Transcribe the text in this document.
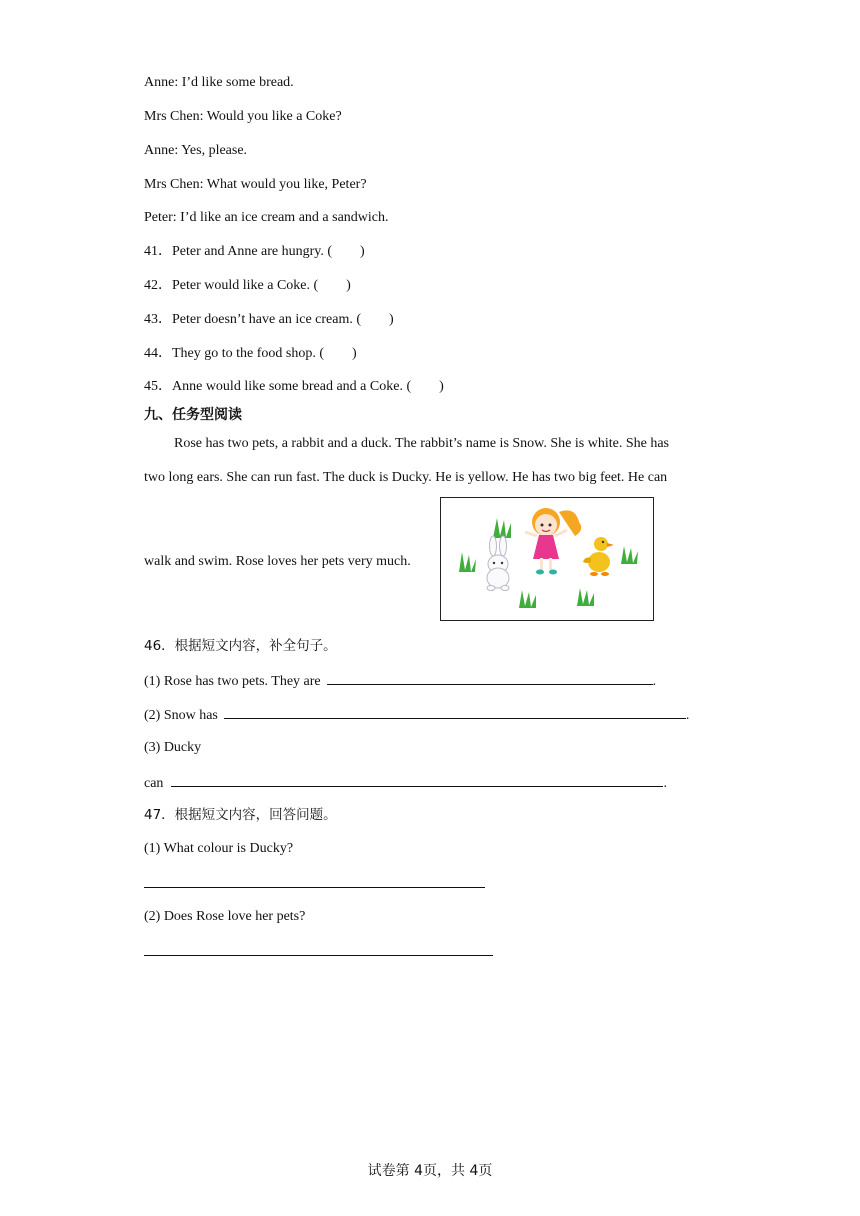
Anne: I’d like some bread.
Mrs Chen: Would you like a Coke?
Anne: Yes, please.
Mrs Chen: What would you like, Peter?
Peter: I’d like an ice cream and a sandwich.
41．Peter and Anne are hungry. (　　)
42．Peter would like a Coke. (　　)
43．Peter doesn’t have an ice cream. (　　)
44．They go to the food shop. (　　)
45．Anne would like some bread and a Coke. (　　)
九、任务型阅读
Rose has two pets, a rabbit and a duck. The rabbit’s name is Snow. She is white. She has
two long ears. She can run fast. The duck is Ducky. He is yellow. He has two big feet. He can
walk and swim. Rose loves her pets very much.
46．根据短文内容，补全句子。
(1) Rose has two pets. They are	.
(2) Snow has	.
(3) Ducky
can	.
47．根据短文内容，回答问题。
(1) What colour is Ducky?
(2) Does Rose love her pets?
试卷第 4页，共 4页
